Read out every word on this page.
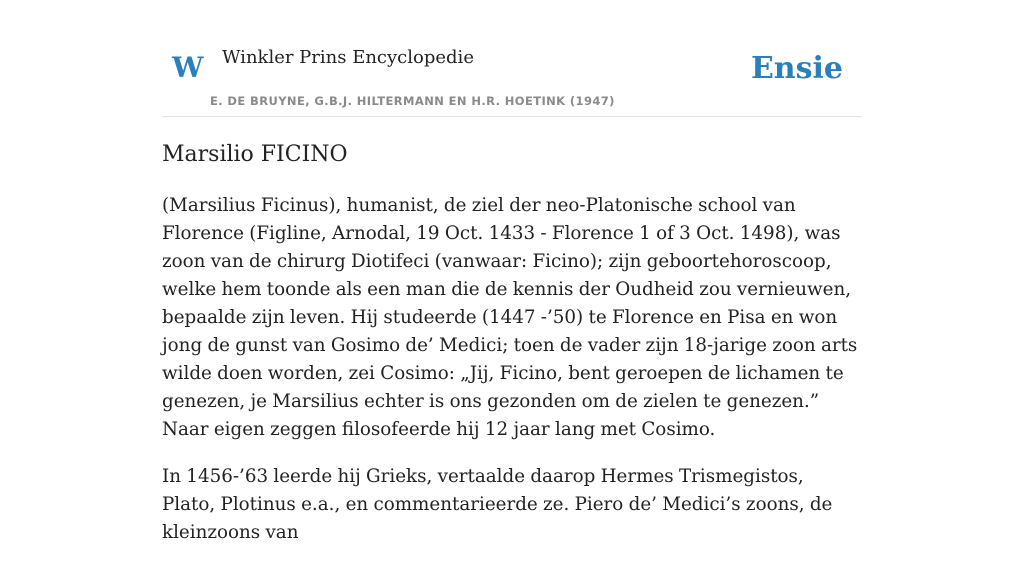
W Winkler Prins Encyclopedie
E. DE BRUYNE, G.B.J. HILTERMANN EN H.R. HOETINK (1947)
Ensie
Marsilio FICINO

(Marsilius Ficinus), humanist, de ziel der neo-Platonische school van Florence (Figline, Arnodal, 19 Oct. 1433 - Florence 1 of 3 Oct. 1498), was zoon van de chirurg Diotifeci (vanwaar: Ficino); zijn geboortehoroscoop, welke hem toonde als een man die de kennis der Oudheid zou vernieuwen, bepaalde zijn leven. Hij studeerde (1447 -’50) te Florence en Pisa en won jong de gunst van Gosimo de’ Medici; toen de vader zijn 18-jarige zoon arts wilde doen worden, zei Cosimo: „Jij, Ficino, bent geroepen de lichamen te genezen, je Marsilius echter is ons gezonden om de zielen te genezen.” Naar eigen zeggen filosofeerde hij 12 jaar lang met Cosimo.

In 1456-’63 leerde hij Grieks, vertaalde daarop Hermes Trismegistos, Plato, Plotinus e.a., en commentarieerde ze. Piero de’ Medici’s zoons, de kleinzoons van
